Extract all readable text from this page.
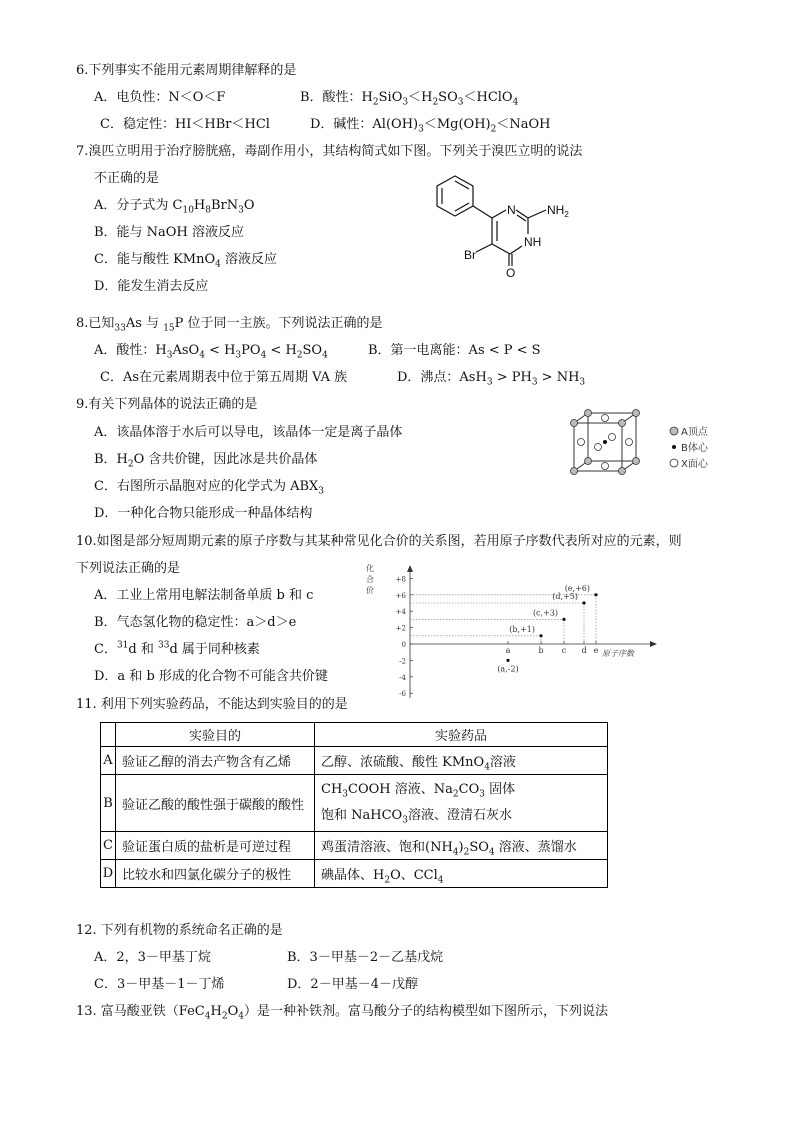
6.下列事实不能用元素周期律解释的是
A．电负性：N＜O＜F	B．酸性：$H_2SiO_3<H_2SO_3<HClO_4$
C．稳定性：HI＜HBr＜HCl	D．碱性：$Al(OH)_3<Mg(OH)_2<NaOH$
7.溴匹立明用于治疗膀胱癌，毒副作用小，其结构简式如下图。下列关于溴匹立明的说法
不正确的是
A．分子式为 $C_{10}H_8BrN_3O$
B．能与 NaOH 溶液反应
C．能与酸性 KMnO$_4$ 溶液反应
D．能发生消去反应
N	$NH_2$
NH
Br
O
8.已知$_{33}$As 与 $_{15}$P 位于同一主族。下列说法正确的是
A．酸性：$H_3AsO_4 < H_3PO_4 < H_2SO_4$	B．第一电离能：As < P < S
C．As在元素周期表中位于第五周期 VA 族	D．沸点：$AsH_3 > PH_3 > NH_3$
9.有关下列晶体的说法正确的是
A．该晶体溶于水后可以导电，该晶体一定是离子晶体
B．$H_2O$ 含共价键，因此冰是共价晶体
C．右图所示晶胞对应的化学式为 $ABX_3$
D．一种化合物只能形成一种晶体结构
A顶点
B体心
X面心
10.如图是部分短周期元素的原子序数与其某种常见化合价的关系图，若用原子序数代表所对应的元素，则
下列说法正确的是
A．工业上常用电解法制备单质 b 和 c
B．气态氢化物的稳定性：a＞d＞e
C．$^{31}$d 和 $^{33}$d 属于同种核素
D．a 和 b 形成的化合物不可能含共价键
化
合
价
原子序数
+8
+6
+4
+2
0
-2
-4
-6
a	b c d e
(a,-2)
(b,+1)
(c,+3)
(d,+5)
(e,+6)
11. 利用下列实验药品，不能达到实验目的的是
	实验目的	实验药品
A	验证乙醇的消去产物含有乙烯	乙醇、浓硫酸、酸性 KMnO$_4$溶液
B	验证乙酸的酸性强于碳酸的酸性	$CH_3COOH$ 溶液、$Na_2CO_3$ 固体
饱和 NaHCO$_3$溶液、澄清石灰水

C	验证蛋白质的盐析是可逆过程	鸡蛋清溶液、饱和$(NH_4)_2SO_4$ 溶液、蒸馏水
D	比较水和四氯化碳分子的极性	碘晶体、$H_2O$、CCl$_4$
12. 下列有机物的系统命名正确的是
A．2，3－甲基丁烷	B．3－甲基－2－乙基戊烷
C．3－甲基－1－丁烯	D．2－甲基－4－戊醇
13. 富马酸亚铁$(FeC_4H_2O_4)$是一种补铁剂。富马酸分子的结构模型如下图所示，下列说法
